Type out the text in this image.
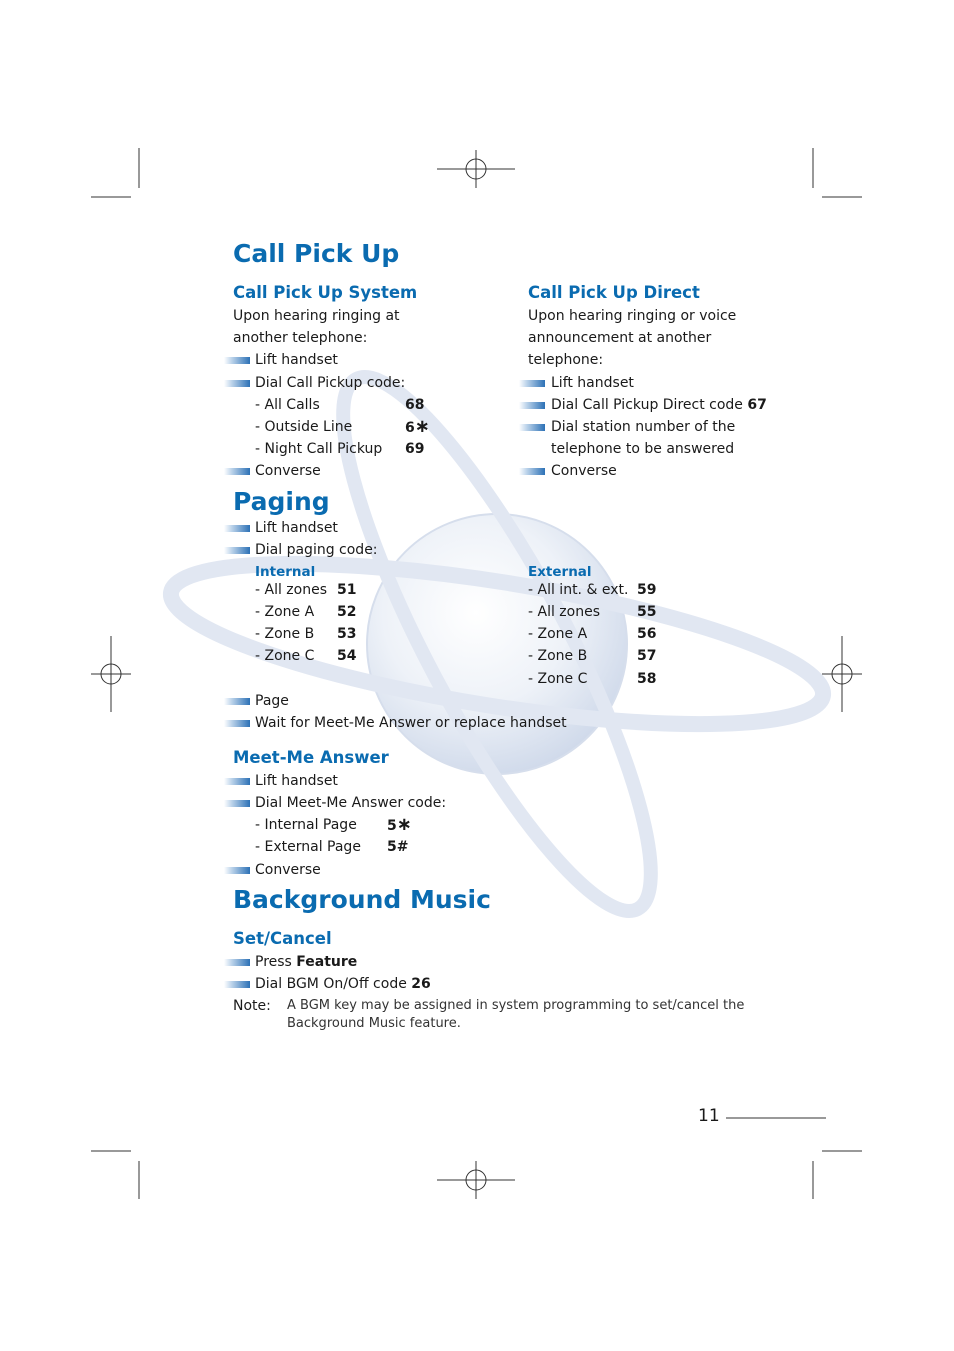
Call Pick Up
Call Pick Up System
Upon hearing ringing at
another telephone:
Lift handset
Dial Call Pickup code:
- All Calls	68
- Outside Line	6∗
- Night Call Pickup 69
Converse
Call Pick Up Direct
Upon hearing ringing or voice
announcement at another
telephone:
Lift handset
Dial Call Pickup Direct code 67
Dial station number of the
telephone to be answered
Converse
Paging
Lift handset
Dial paging code:
Internal
- All zones 51
- Zone A 52
- Zone B 53
- Zone C 54
External
- All int. & ext. 59
- All zones	55
- Zone A	56
- Zone B	57
- Zone C	58
Page
Wait for Meet-Me Answer or replace handset
Meet-Me Answer
Lift handset
Dial Meet-Me Answer code:
- Internal Page 5∗
- External Page 5#
Converse
Background Music
Set/Cancel
Press Feature
Dial BGM On/Off code 26
Note: A BGM key may be assigned in system programming to set/cancel the
Background Music feature.
11
